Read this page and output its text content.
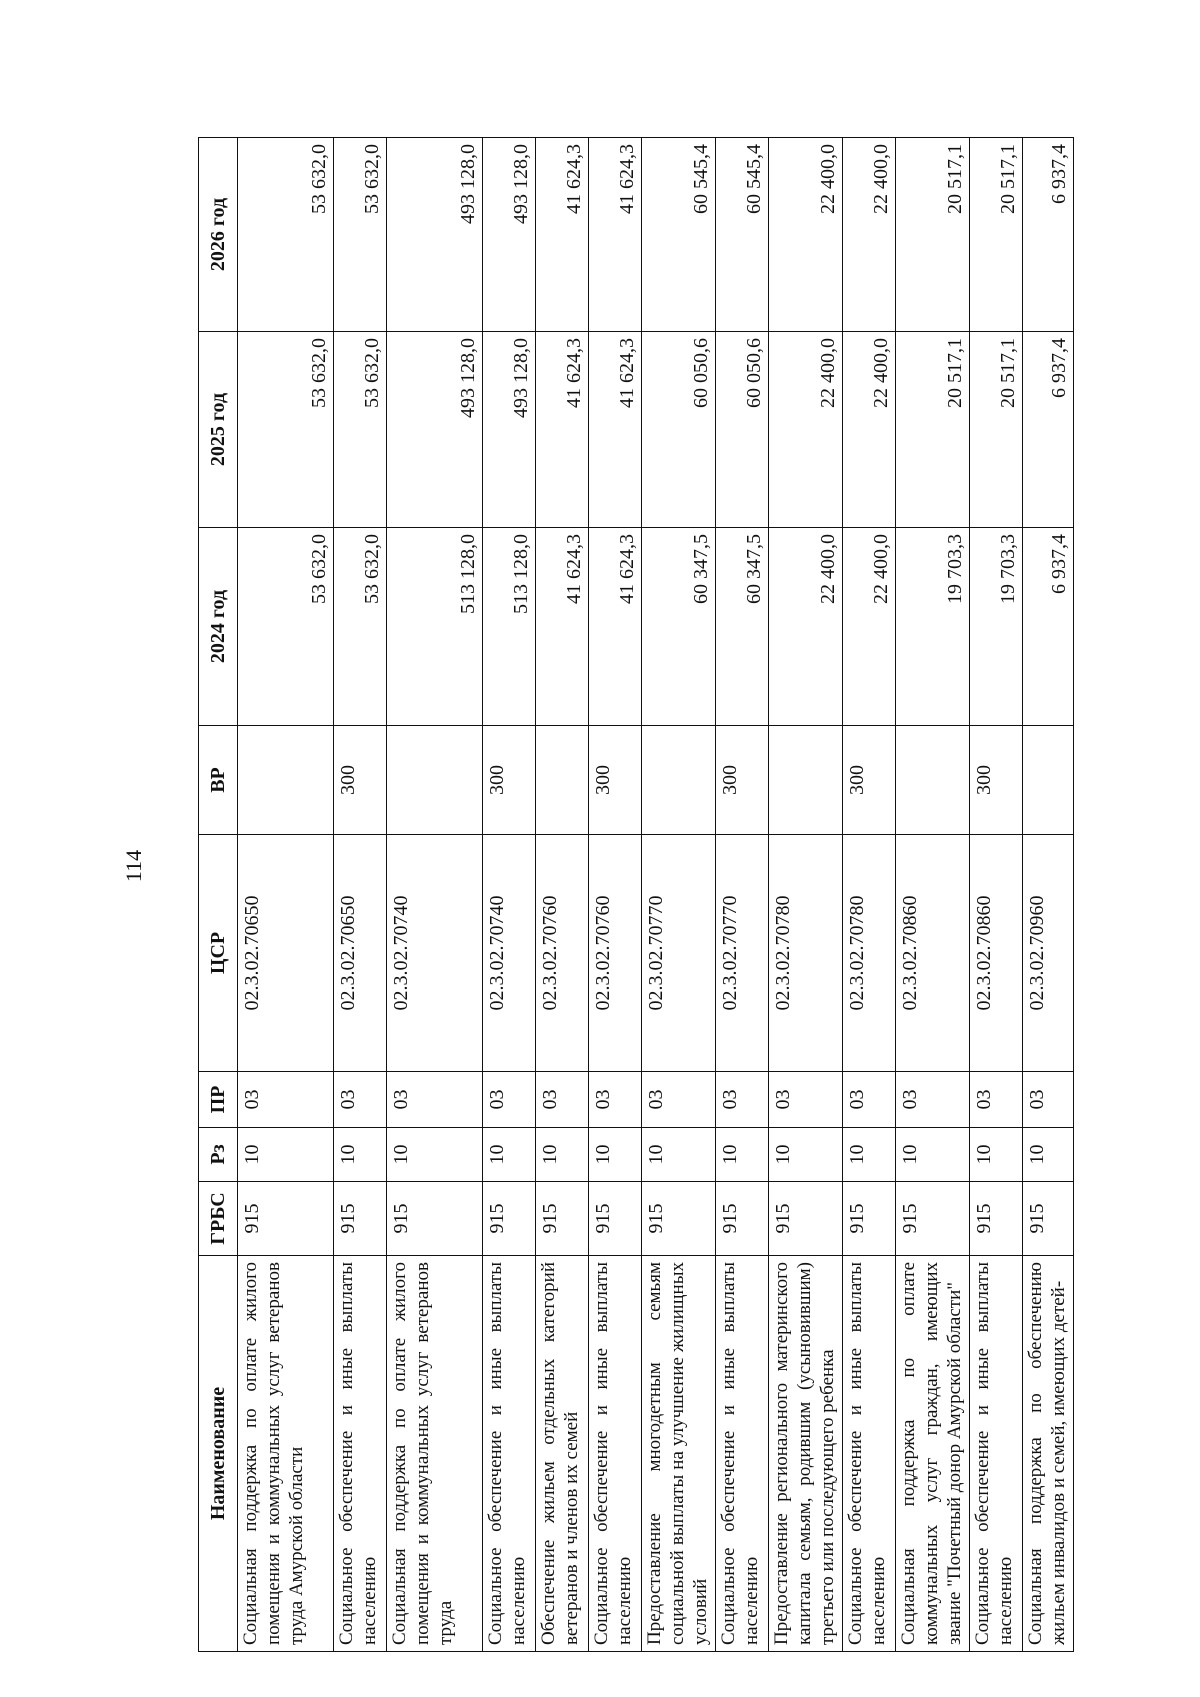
114
Наименование	ГРБС	Рз	ПР	ЦСР	ВР	2024 год	2025 год	2026 год
Социальная поддержка по оплате жилого помещения и коммунальных услуг ветеранов труда Амурской области	915	10	03	02.3.02.70650		53 632,0	53 632,0	53 632,0
Социальное обеспечение и иные выплаты населению	915	10	03	02.3.02.70650	300	53 632,0	53 632,0	53 632,0
Социальная поддержка по оплате жилого помещения и коммунальных услуг ветеранов труда	915	10	03	02.3.02.70740		513 128,0	493 128,0	493 128,0
Социальное обеспечение и иные выплаты населению	915	10	03	02.3.02.70740	300	513 128,0	493 128,0	493 128,0
Обеспечение жильем отдельных категорий ветеранов и членов их семей	915	10	03	02.3.02.70760		41 624,3	41 624,3	41 624,3
Социальное обеспечение и иные выплаты населению	915	10	03	02.3.02.70760	300	41 624,3	41 624,3	41 624,3
Предоставление многодетным семьям социальной выплаты на улучшение жилищных условий	915	10	03	02.3.02.70770		60 347,5	60 050,6	60 545,4
Социальное обеспечение и иные выплаты населению	915	10	03	02.3.02.70770	300	60 347,5	60 050,6	60 545,4
Предоставление регионального материнского капитала семьям, родившим (усыновившим) третьего или последующего ребенка	915	10	03	02.3.02.70780		22 400,0	22 400,0	22 400,0
Социальное обеспечение и иные выплаты населению	915	10	03	02.3.02.70780	300	22 400,0	22 400,0	22 400,0
Социальная поддержка по оплате коммунальных услуг граждан, имеющих звание "Почетный донор Амурской области"	915	10	03	02.3.02.70860		19 703,3	20 517,1	20 517,1
Социальное обеспечение и иные выплаты населению	915	10	03	02.3.02.70860	300	19 703,3	20 517,1	20 517,1
Социальная поддержка по обеспечению жильем инвалидов и семей, имеющих детей-	915	10	03	02.3.02.70960		6 937,4	6 937,4	6 937,4
